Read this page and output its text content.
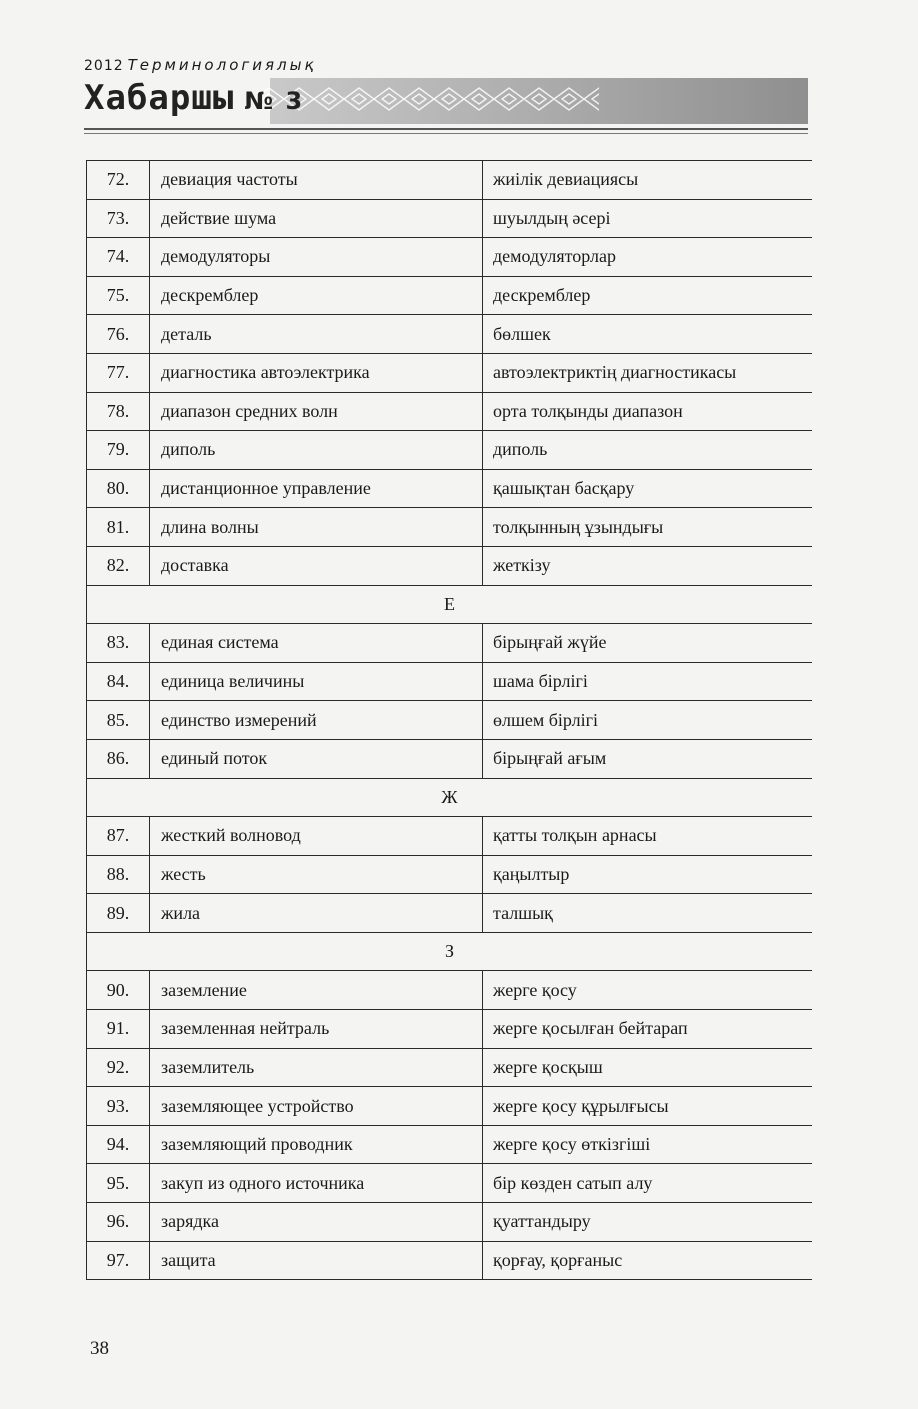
2012 Терминологиялық
Хабаршы № 3
72.	девиация частоты	жиілік девиациясы
73.	действие шума	шуылдың әсері
74.	демодуляторы	демодуляторлар
75.	дескремблер	дескремблер
76.	деталь	бөлшек
77.	диагностика автоэлектрика	автоэлектриктің диагностикасы
78.	диапазон средних волн	орта толқынды диапазон
79.	диполь	диполь
80.	дистанционное управление	қашықтан басқару
81.	длина волны	толқынның ұзындығы
82.	доставка	жеткізу
Е		
83.	единая система	бірыңғай жүйе
84.	единица величины	шама бірлігі
85.	единство измерений	өлшем бірлігі
86.	единый поток	бірыңғай ағым
Ж		
87.	жесткий волновод	қатты толқын арнасы
88.	жесть	қаңылтыр
89.	жила	талшық
З		
90.	заземление	жерге қосу
91.	заземленная нейтраль	жерге қосылған бейтарап
92.	заземлитель	жерге қосқыш
93.	заземляющее устройство	жерге қосу құрылғысы
94.	заземляющий проводник	жерге қосу өткізгіші
95.	закуп из одного источника	бір көзден сатып алу
96.	зарядка	қуаттандыру
97.	защита	қорғау, қорғаныс
38
